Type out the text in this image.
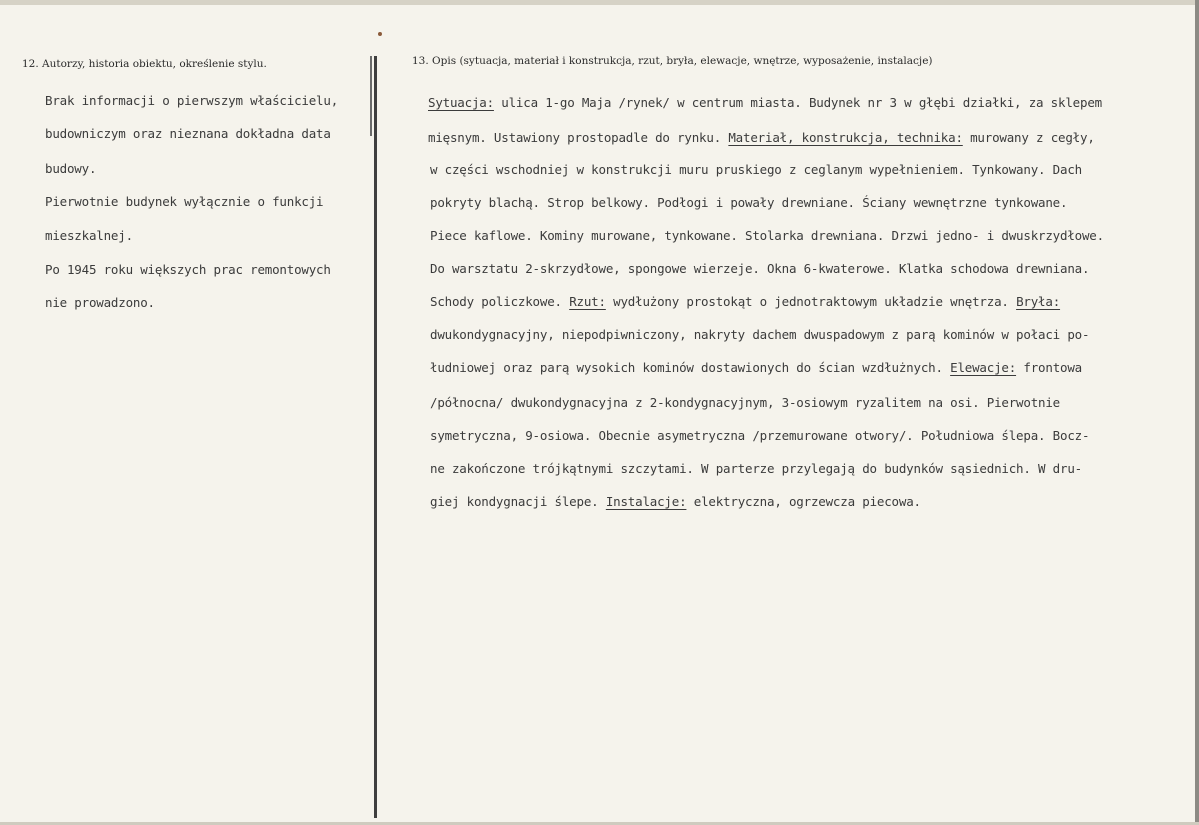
12. Autorzy, historia obiektu, określenie stylu.	13. Opis (sytuacja, materiał i konstrukcja, rzut, bryła, elewacje, wnętrze, wyposażenie, instalacje)
Brak informacji o pierwszym właścicielu,
budowniczym oraz nieznana dokładna data
budowy.
Pierwotnie budynek wyłącznie o funkcji
mieszkalnej.
Po 1945 roku większych prac remontowych
nie prowadzono.
Sytuacja: ulica 1-go Maja /rynek/ w centrum miasta. Budynek nr 3 w głębi działki, za sklepem
mięsnym. Ustawiony prostopadle do rynku. Materiał, konstrukcja, technika: murowany z cegły,
w części wschodniej w konstrukcji muru pruskiego z ceglanym wypełnieniem. Tynkowany. Dach
pokryty blachą. Strop belkowy. Podłogi i powały drewniane. Ściany wewnętrzne tynkowane.
Piece kaflowe. Kominy murowane, tynkowane. Stolarka drewniana. Drzwi jedno- i dwuskrzydłowe.
Do warsztatu 2-skrzydłowe, spongowe wierzeje. Okna 6-kwaterowe. Klatka schodowa drewniana.
Schody policzkowe. Rzut: wydłużony prostokąt o jednotraktowym układzie wnętrza. Bryła:
dwukondygnacyjny, niepodpiwniczony, nakryty dachem dwuspadowym z parą kominów w połaci po-
łudniowej oraz parą wysokich kominów dostawionych do ścian wzdłużnych. Elewacje: frontowa
/północna/ dwukondygnacyjna z 2-kondygnacyjnym, 3-osiowym ryzalitem na osi. Pierwotnie
symetryczna, 9-osiowa. Obecnie asymetryczna /przemurowane otwory/. Południowa ślepa. Bocz-
ne zakończone trójkątnymi szczytami. W parterze przylegają do budynków sąsiednich. W dru-
giej kondygnacji ślepe. Instalacje: elektryczna, ogrzewcza piecowa.
